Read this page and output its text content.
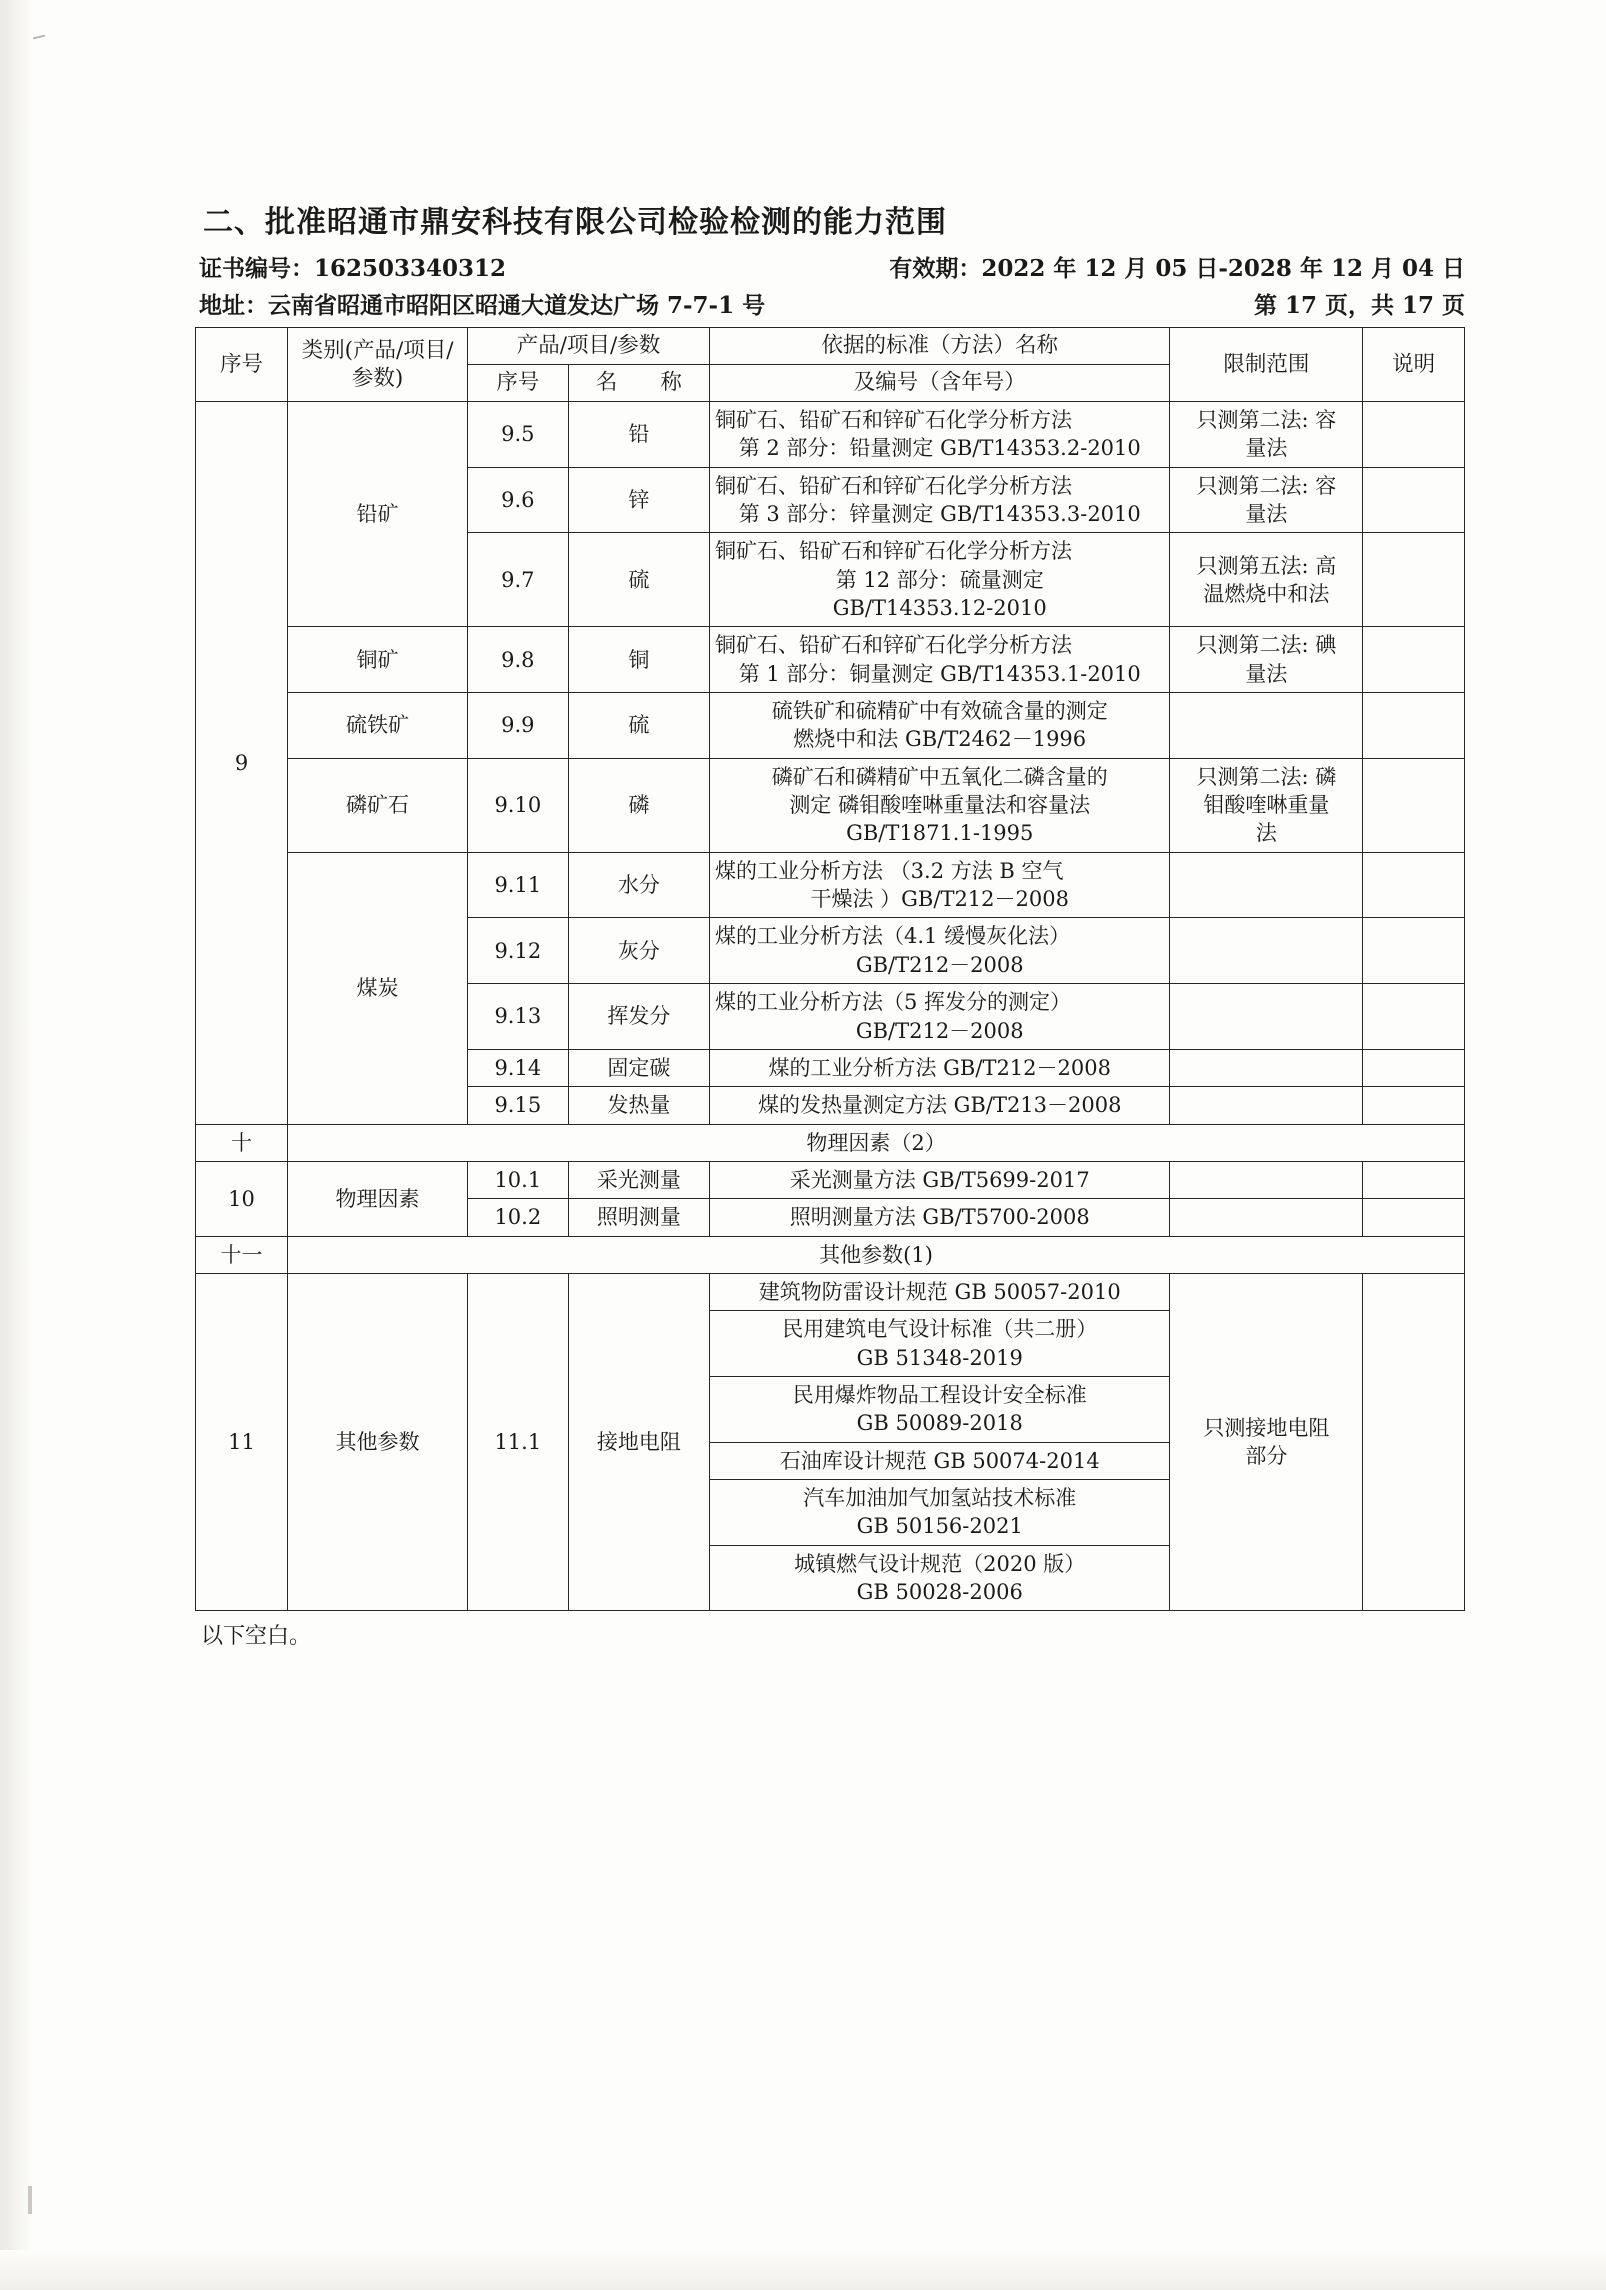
二、批准昭通市鼎安科技有限公司检验检测的能力范围
证书编号：162503340312	有效期：2022 年 12 月 05 日-2028 年 12 月 04 日
地址：云南省昭通市昭阳区昭通大道发达广场 7-7-1 号	第 17 页，共 17 页
序号	类别(产品/项目/参数)	产品/项目/参数		依据的标准（方法）名称	限制范围	说明
		序号	名　　称	及编号（含年号）		
9	铅矿	9.5	铅	铜矿石、铅矿石和锌矿石化学分析方法
第 2 部分：铅量测定 GB/T14353.2-2010	只测第二法: 容
量法	

		9.6	锌	铜矿石、铅矿石和锌矿石化学分析方法
第 3 部分：锌量测定 GB/T14353.3-2010	只测第二法: 容
量法	

		9.7	硫	铜矿石、铅矿石和锌矿石化学分析方法
第 12 部分：硫量测定
GB/T14353.12-2010	只测第五法: 高
温燃烧中和法	

	铜矿	9.8	铜	铜矿石、铅矿石和锌矿石化学分析方法
第 1 部分：铜量测定 GB/T14353.1-2010	只测第二法: 碘
量法	

	硫铁矿	9.9	硫	硫铁矿和硫精矿中有效硫含量的测定
燃烧中和法 GB/T2462－1996		

	磷矿石	9.10	磷	磷矿石和磷精矿中五氧化二磷含量的
测定 磷钼酸喹啉重量法和容量法
GB/T1871.1-1995	只测第二法: 磷
钼酸喹啉重量
法	

	煤炭	9.11	水分	煤的工业分析方法 （3.2 方法 B 空气
干燥法 ）GB/T212－2008		

		9.12	灰分	煤的工业分析方法（4.1 缓慢灰化法）
GB/T212－2008		

		9.13	挥发分	煤的工业分析方法（5 挥发分的测定）
GB/T212－2008		

		9.14	固定碳	煤的工业分析方法 GB/T212－2008		

		9.15	发热量	煤的发热量测定方法 GB/T213－2008		

十	物理因素（2）					
10	物理因素	10.1	采光测量	采光测量方法 GB/T5699-2017		

		10.2	照明测量	照明测量方法 GB/T5700-2008		

十一	其他参数(1)					
11	其他参数	11.1	接地电阻	建筑物防雷设计规范 GB 50057-2010	只测接地电阻
部分	

				民用建筑电气设计标准（共二册）
GB 51348-2019		

				民用爆炸物品工程设计安全标准
GB 50089-2018		

				石油库设计规范 GB 50074-2014		

				汽车加油加气加氢站技术标准
GB 50156-2021		

				城镇燃气设计规范（2020 版）
GB 50028-2006		
以下空白。
